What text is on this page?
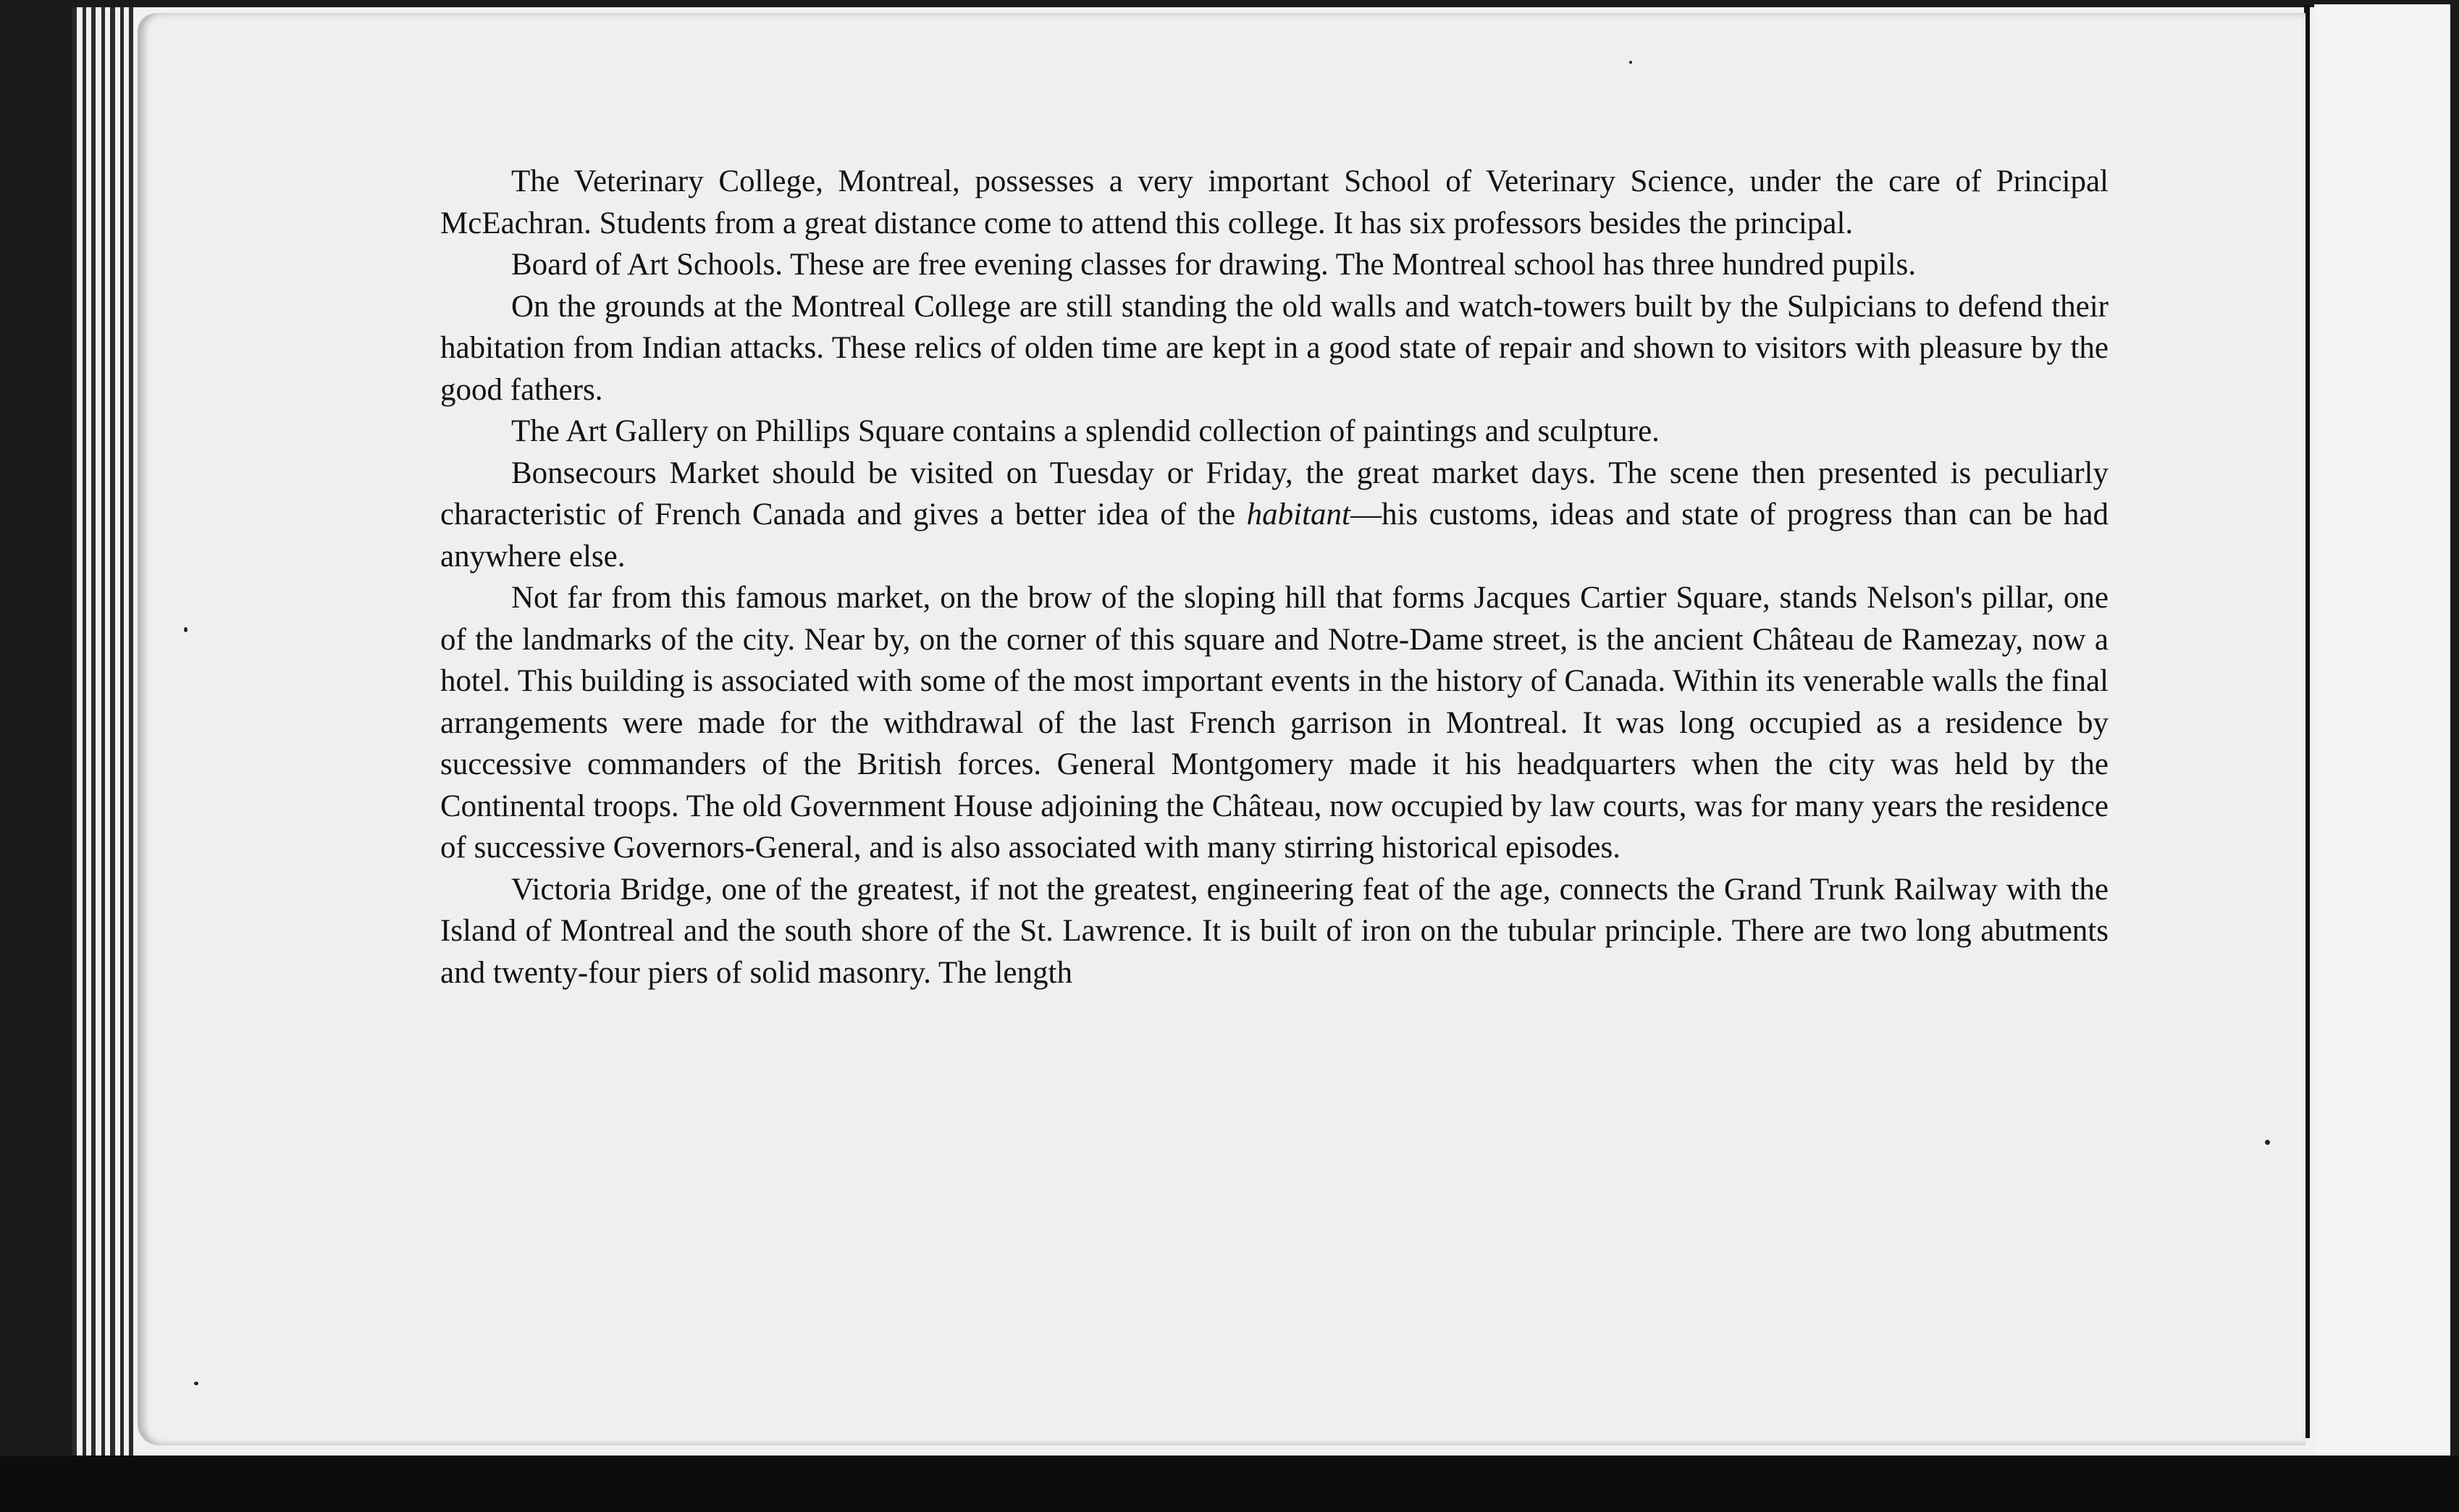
The Veterinary College, Montreal, possesses a very important School of Veterinary Science, under the care of Principal McEachran. Students from a great distance come to attend this college. It has six professors besides the principal.

Board of Art Schools. These are free evening classes for drawing. The Montreal school has three hundred pupils.

On the grounds at the Montreal College are still standing the old walls and watch-towers built by the Sulpicians to defend their habitation from Indian attacks. These relics of olden time are kept in a good state of repair and shown to visitors with pleasure by the good fathers.

The Art Gallery on Phillips Square contains a splendid collection of paintings and sculpture.

Bonsecours Market should be visited on Tuesday or Friday, the great market days. The scene then presented is peculiarly characteristic of French Canada and gives a better idea of the habitant—his customs, ideas and state of progress than can be had anywhere else.

Not far from this famous market, on the brow of the sloping hill that forms Jacques Cartier Square, stands Nelson's pillar, one of the landmarks of the city. Near by, on the corner of this square and Notre-Dame street, is the ancient Château de Ramezay, now a hotel. This building is associated with some of the most important events in the history of Canada. Within its venerable walls the final arrangements were made for the withdrawal of the last French garrison in Montreal. It was long occupied as a residence by successive commanders of the British forces. General Montgomery made it his headquarters when the city was held by the Continental troops. The old Government House adjoining the Château, now occupied by law courts, was for many years the residence of successive Governors-General, and is also associated with many stirring historical episodes.

Victoria Bridge, one of the greatest, if not the greatest, engineering feat of the age, connects the Grand Trunk Railway with the Island of Montreal and the south shore of the St. Lawrence. It is built of iron on the tubular principle. There are two long abutments and twenty-four piers of solid masonry. The length
